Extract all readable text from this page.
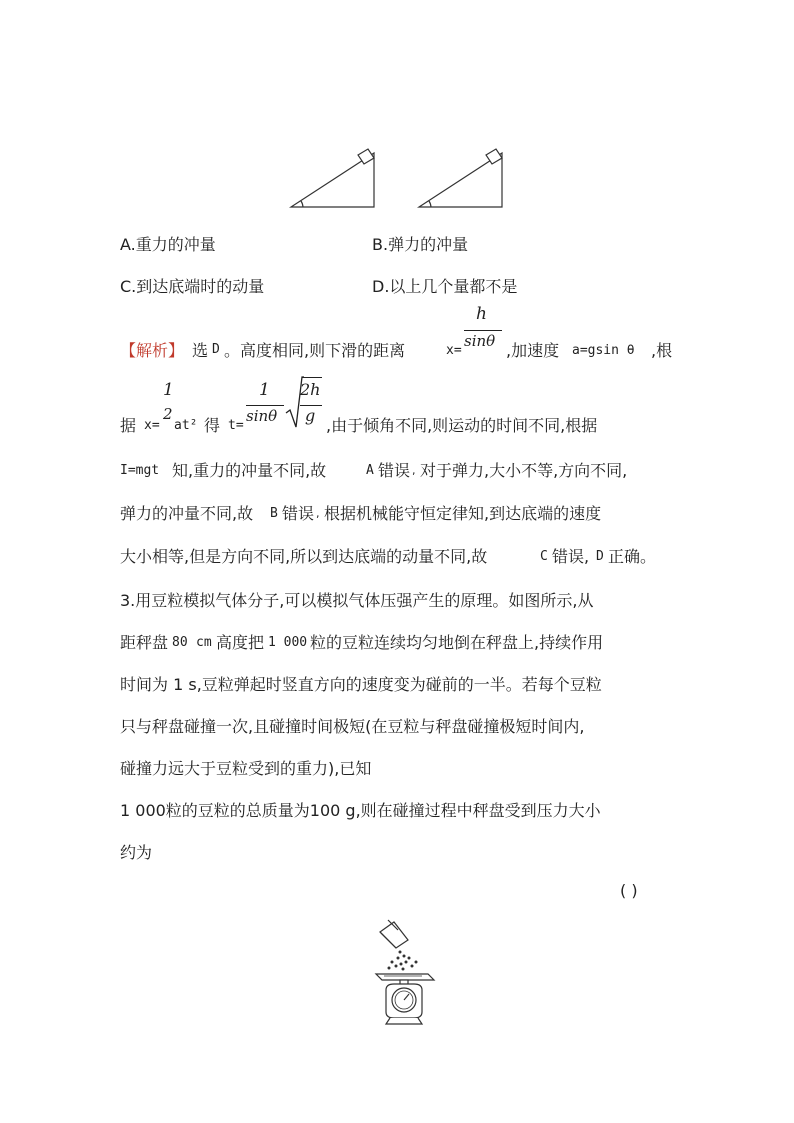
A.重力的冲量	B.弹力的冲量
C.到达底端时的动量	D.以上几个量都不是
【解析】 选 D 。高度相同,则下滑的距离	x=
h
sinθ ,加速度 a=gsin θ ,根
据 x=
1
2
at² 得 t=
1
sinθ
2h
g
,由于倾角不同,则运动的时间不同,根据
I=mgt 知,重力的冲量不同,故	A 错误 , 对于弹力,大小不等,方向不同,
弹力的冲量不同,故 B 错误 , 根据机械能守恒定律知,到达底端的速度
大小相等,但是方向不同,所以到达底端的动量不同,故	C 错误, D 正确。
3.用豆粒模拟气体分子,可以模拟气体压强产生的原理。如图所示,从
距秤盘 80 cm 高度把 1 000 粒的豆粒连续均匀地倒在秤盘上,持续作用
时间为 1 s,豆粒弹起时竖直方向的速度变为碰前的一半。若每个豆粒
只与秤盘碰撞一次,且碰撞时间极短(在豆粒与秤盘碰撞极短时间内,
碰撞力远大于豆粒受到的重力),已知
1 000粒的豆粒的总质量为100 g,则在碰撞过程中秤盘受到压力大小
约为
( )
